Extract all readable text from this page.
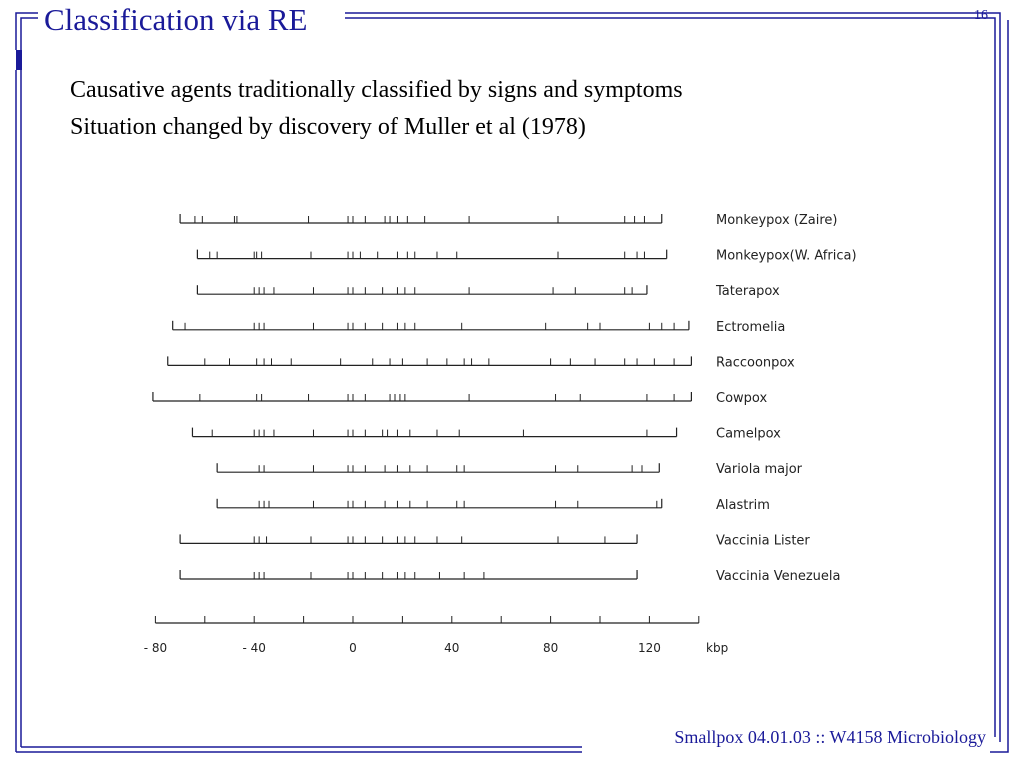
Classification via RE	16
Causative agents traditionally classified by signs and symptoms
Situation changed by discovery of Muller et al (1978)
Monkeypox (Zaire)
Monkeypox(W. Africa)
Taterapox
Ectromelia
Raccoonpox
Cowpox
Camelpox
Variola major
Alastrim
Vaccinia Lister
Vaccinia Venezuela
- 80	- 40	0	40	80	120	kbp
Smallpox 04.01.03 :: W4158 Microbiology
